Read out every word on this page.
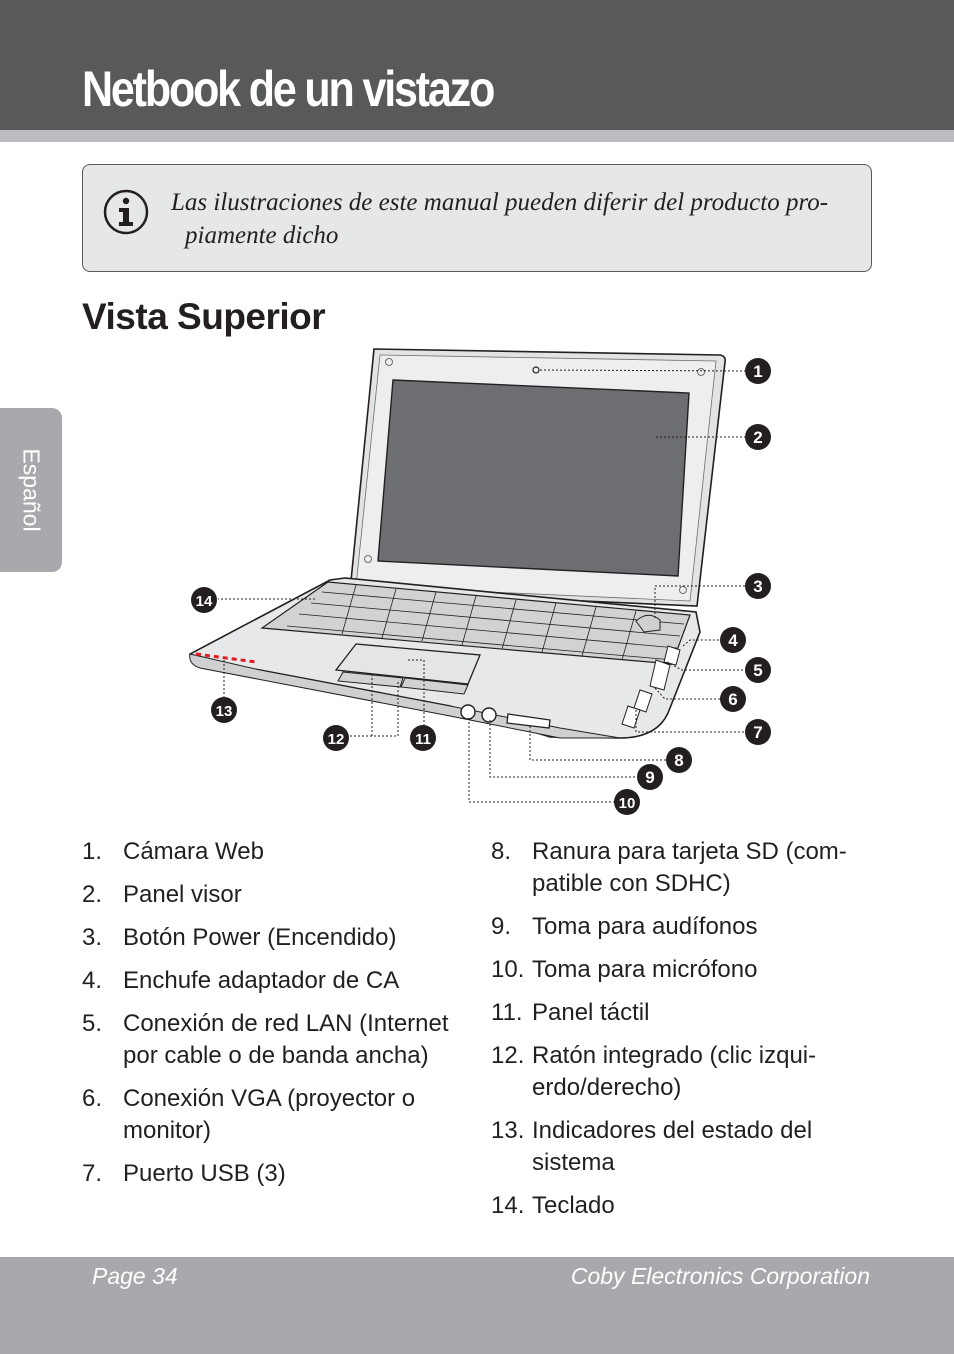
Netbook de un vistazo
Español
Las ilustraciones de este manual pueden diferir del producto pro-
piamente dicho
Vista Superior
1
2
3
4
5
6
7
8
9
10
11
12
13
14
1. Cámara Web
2. Panel visor
3. Botón Power (Encendido)
4. Enchufe adaptador de CA
5. Conexión de red LAN (Internet por cable o de banda ancha)
6. Conexión VGA (proyector o monitor)
7. Puerto USB (3)
8. Ranura para tarjeta SD (com-patible con SDHC)
9. Toma para audífonos
10. Toma para micrófono
11. Panel táctil
12. Ratón integrado (clic izqui-erdo/derecho)
13. Indicadores del estado del sistema
14. Teclado
Page 34	Coby Electronics Corporation
